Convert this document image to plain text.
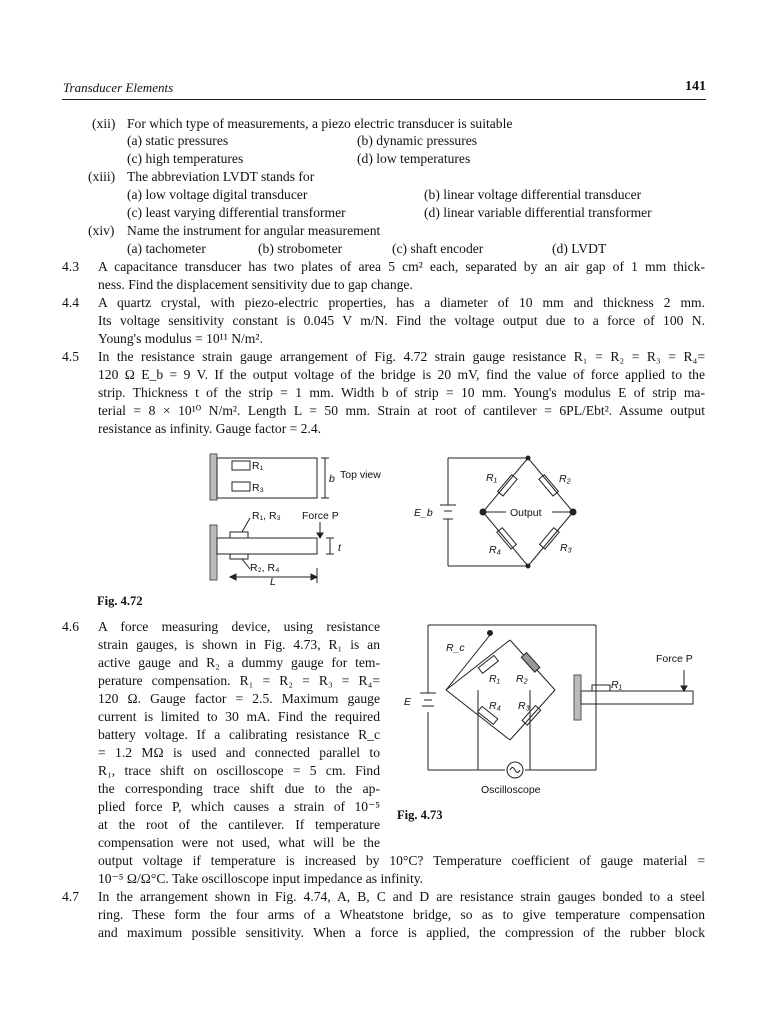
Transducer Elements	141
(xii) For which type of measurements, a piezo electric transducer is suitable
(a) static pressures	(b) dynamic pressures
(c) high temperatures	(d) low temperatures
(xiii) The abbreviation LVDT stands for
(a) low voltage digital transducer	(b) linear voltage differential transducer
(c) least varying differential transformer	(d) linear variable differential transformer
(xiv) Name the instrument for angular measurement
(a) tachometer	(b) strobometer	(c) shaft encoder	(d) LVDT
4.3 A capacitance transducer has two plates of area 5 cm² each, separated by an air gap of 1 mm thick-
ness. Find the displacement sensitivity due to gap change.
4.4 A quartz crystal, with piezo-electric properties, has a diameter of 10 mm and thickness 2 mm.
Its voltage sensitivity constant is 0.045 V m/N. Find the voltage output due to a force of 100 N.
Young's modulus = 10¹¹ N/m².
4.5 In the resistance strain gauge arrangement of Fig. 4.72 strain gauge resistance R₁ = R₂ = R₃ = R₄=
120 Ω E_b = 9 V. If the output voltage of the bridge is 20 mV, find the value of force applied to the
strip. Thickness t of the strip = 1 mm. Width b of strip = 10 mm. Young's modulus E of strip ma-
terial = 8 × 10¹⁰ N/m². Length L = 50 mm. Strain at root of cantilever = 6PL/Ebt². Assume output
resistance as infinity. Gauge factor = 2.4.
R₁
R₃
b Top view
R₁, R₃ Force P
t
R₂, R₄
L
E_b
R₁	R₂
R₄	R₃
Output
Fig. 4.72
4.6 A force measuring device, using resistance
strain gauges, is shown in Fig. 4.73, R₁ is an
active gauge and R₂ a dummy gauge for tem-
perature compensation. R₁ = R₂ = R₃ = R₄=
120 Ω. Gauge factor = 2.5. Maximum gauge
current is limited to 30 mA. Find the required
battery voltage. If a calibrating resistance R_c
= 1.2 MΩ is used and connected parallel to
R₁, trace shift on oscilloscope = 5 cm. Find
the corresponding trace shift due to the ap-
plied force P, which causes a strain of 10⁻⁵
at the root of the cantilever. If temperature
compensation were not used, what will be the
output voltage if temperature is increased by 10°C? Temperature coefficient of gauge material =
10⁻⁵ Ω/Ω°C. Take oscilloscope input impedance as infinity.
R_c
R₁ R₂
R₄ R₃
E
Oscilloscope
Force P
R₁
Fig. 4.73
4.7 In the arrangement shown in Fig. 4.74, A, B, C and D are resistance strain gauges bonded to a steel
ring. These form the four arms of a Wheatstone bridge, so as to give temperature compensation
and maximum possible sensitivity. When a force is applied, the compression of the rubber block
